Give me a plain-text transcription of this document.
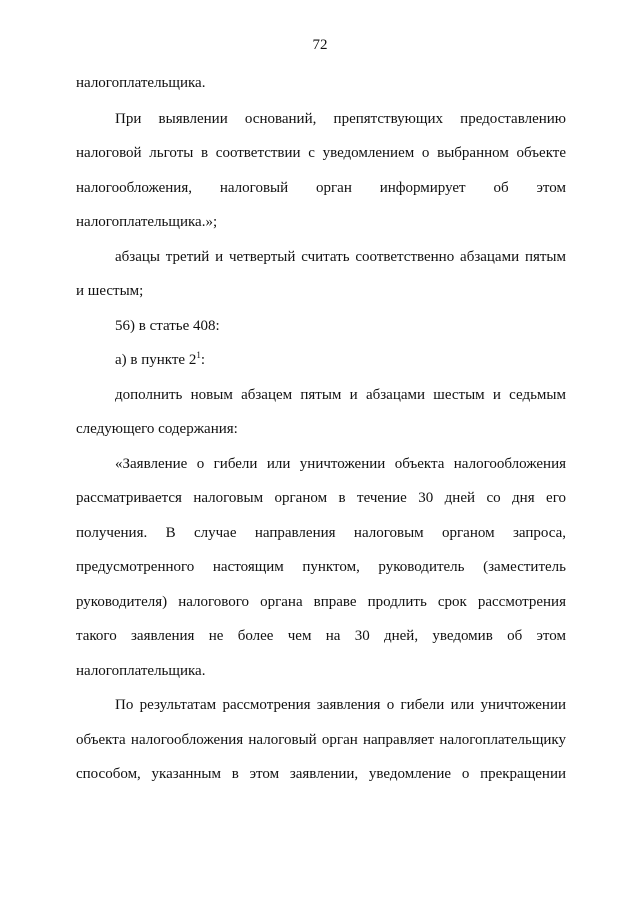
72
налогоплательщика.
При выявлении оснований, препятствующих предоставлению
налоговой льготы в соответствии с уведомлением о выбранном объекте
налогообложения, налоговый орган информирует об этом
налогоплательщика.»;
абзацы третий и четвертый считать соответственно абзацами пятым
и шестым;
56) в статье 408:
а) в пункте $2^1$:
дополнить новым абзацем пятым и абзацами шестым и седьмым
следующего содержания:
«Заявление о гибели или уничтожении объекта налогообложения
рассматривается налоговым органом в течение 30 дней со дня его
получения. В случае направления налоговым органом запроса,
предусмотренного настоящим пунктом, руководитель (заместитель
руководителя) налогового органа вправе продлить срок рассмотрения
такого заявления не более чем на 30 дней, уведомив об этом
налогоплательщика.
По результатам рассмотрения заявления о гибели или уничтожении
объекта налогообложения налоговый орган направляет налогоплательщику
способом, указанным в этом заявлении, уведомление о прекращении
